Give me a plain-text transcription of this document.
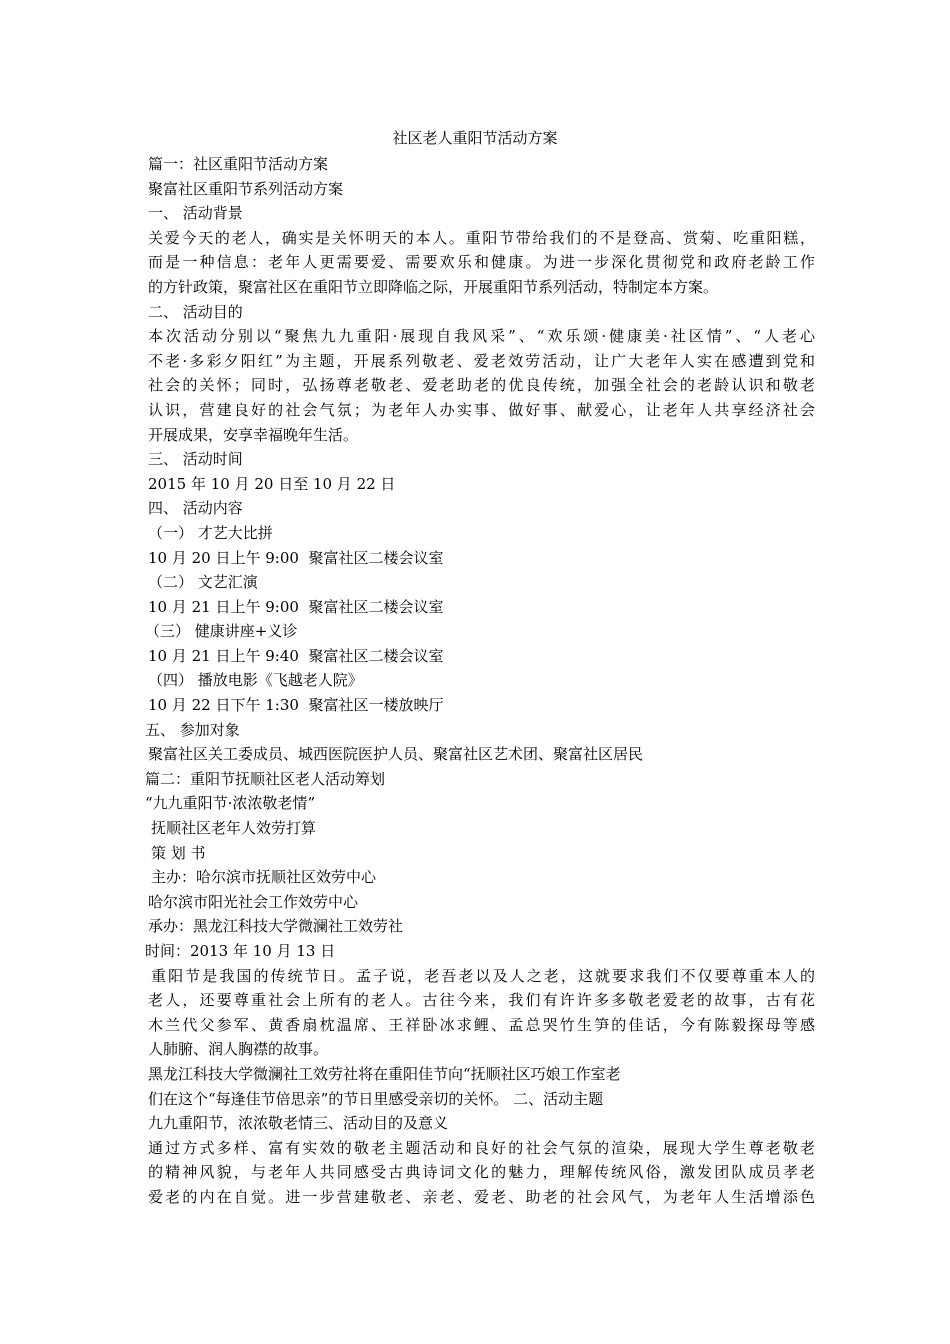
社区老人重阳节活动方案
篇一：社区重阳节活动方案
聚富社区重阳节系列活动方案
一、 活动背景
关爱今天的老人，确实是关怀明天的本人。重阳节带给我们的不是登高、赏菊、吃重阳糕，
而是一种信息：老年人更需要爱、需要欢乐和健康。为进一步深化贯彻党和政府老龄工作
的方针政策，聚富社区在重阳节立即降临之际，开展重阳节系列活动，特制定本方案。
二、 活动目的
本次活动分别以“聚焦九九重阳·展现自我风采”、“欢乐颂·健康美·社区情”、“人老心
不老·多彩夕阳红”为主题，开展系列敬老、爱老效劳活动，让广大老年人实在感遭到党和
社会的关怀；同时，弘扬尊老敬老、爱老助老的优良传统，加强全社会的老龄认识和敬老
认识，营建良好的社会气氛；为老年人办实事、做好事、献爱心，让老年人共享经济社会
开展成果，安享幸福晚年生活。
三、 活动时间
2015 年 10 月 20 日至 10 月 22 日
四、 活动内容
（一） 才艺大比拼
10 月 20 日上午 9:00  聚富社区二楼会议室
（二） 文艺汇演
10 月 21 日上午 9:00  聚富社区二楼会议室
（三） 健康讲座+义诊
10 月 21 日上午 9:40  聚富社区二楼会议室
（四） 播放电影《飞越老人院》
10 月 22 日下午 1:30  聚富社区一楼放映厅
五、 参加对象
聚富社区关工委成员、城西医院医护人员、聚富社区艺术团、聚富社区居民
篇二：重阳节抚顺社区老人活动筹划
“九九重阳节·浓浓敬老情”
抚顺社区老年人效劳打算
策 划 书
主办：哈尔滨市抚顺社区效劳中心
哈尔滨市阳光社会工作效劳中心
承办：黑龙江科技大学微澜社工效劳社
时间：2013 年 10 月 13 日
重阳节是我国的传统节日。孟子说，老吾老以及人之老，这就要求我们不仅要尊重本人的
老人，还要尊重社会上所有的老人。古往今来，我们有许许多多敬老爱老的故事，古有花
木兰代父参军、黄香扇枕温席、王祥卧冰求鲤、孟总哭竹生笋的佳话，今有陈毅探母等感
人肺腑、润人胸襟的故事。
黑龙江科技大学微澜社工效劳社将在重阳佳节向“抚顺社区巧娘工作室老
们在这个“每逢佳节倍思亲”的节日里感受亲切的关怀。 二、活动主题
九九重阳节，浓浓敬老情三、活动目的及意义
通过方式多样、富有实效的敬老主题活动和良好的社会气氛的渲染，展现大学生尊老敬老
的精神风貌，与老年人共同感受古典诗词文化的魅力，理解传统风俗，激发团队成员孝老
爱老的内在自觉。进一步营建敬老、亲老、爱老、助老的社会风气，为老年人生活增添色
